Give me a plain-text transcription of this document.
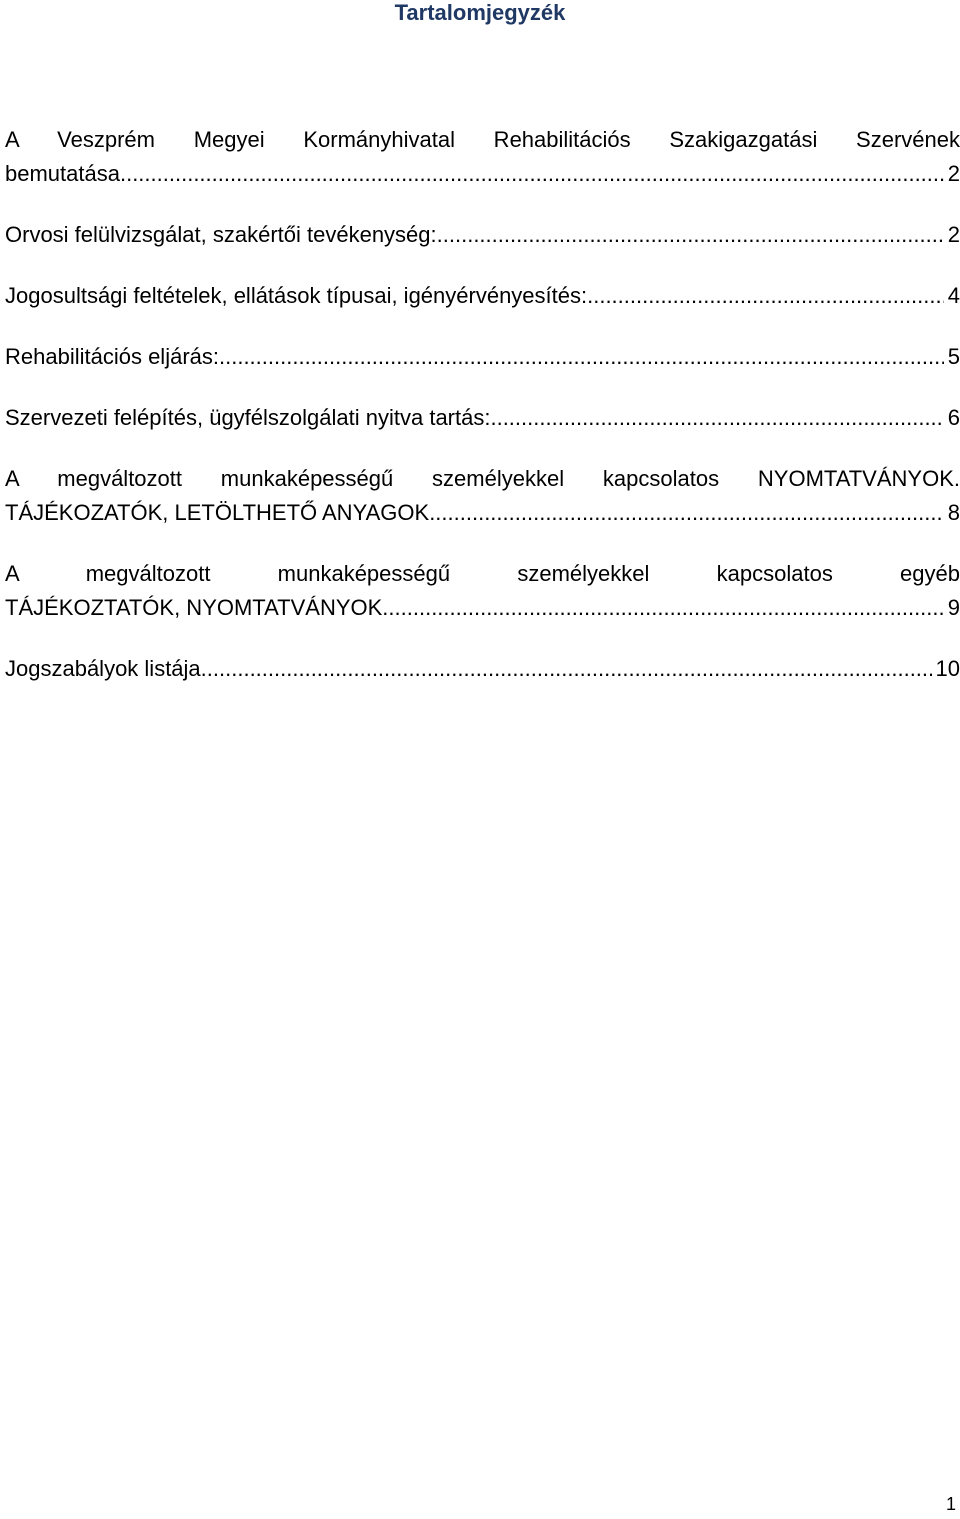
Tartalomjegyzék
A Veszprém Megyei Kormányhivatal Rehabilitációs Szakigazgatási Szervének
bemutatása .....	2
Orvosi felülvizsgálat, szakértői tevékenység: .....	2
Jogosultsági feltételek, ellátások típusai, igényérvényesítés: .....	4
Rehabilitációs eljárás: .....	5
Szervezeti felépítés, ügyfélszolgálati nyitva tartás: .....	6
A megváltozott munkaképességű személyekkel kapcsolatos NYOMTATVÁNYOK.
TÁJÉKOZATÓK, LETÖLTHETŐ ANYAGOK .....	8
A megváltozott munkaképességű személyekkel kapcsolatos egyéb
TÁJÉKOZTATÓK, NYOMTATVÁNYOK .....	9
Jogszabályok listája .....	10
1
